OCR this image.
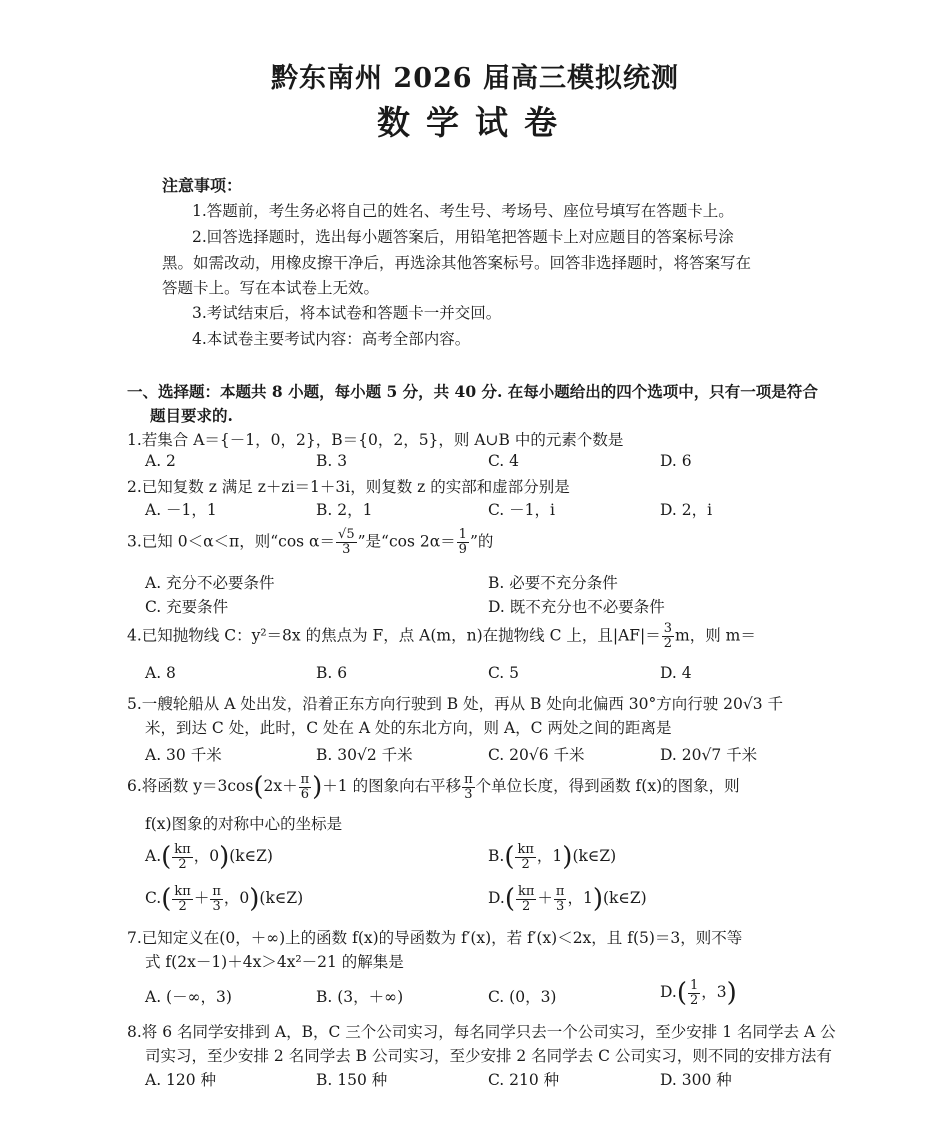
黔东南州 2026 届高三模拟统测
数学试卷
注意事项：
1.答题前，考生务必将自己的姓名、考生号、考场号、座位号填写在答题卡上。
2.回答选择题时，选出每小题答案后，用铅笔把答题卡上对应题目的答案标号涂
黑。如需改动，用橡皮擦干净后，再选涂其他答案标号。回答非选择题时，将答案写在
答题卡上。写在本试卷上无效。
3.考试结束后，将本试卷和答题卡一并交回。
4.本试卷主要考试内容：高考全部内容。
一、选择题：本题共 8 小题，每小题 5 分，共 40 分. 在每小题给出的四个选项中，只有一项是符合
题目要求的.
1.若集合 A＝{－1，0，2}，B＝{0，2，5}，则 A∪B 中的元素个数是
A. 2	B. 3	C. 4	D. 6
2.已知复数 z 满足 z＋zi＝1＋3i，则复数 z 的实部和虚部分别是
A. －1，1	B. 2，1	C. －1，i	D. 2，i
3.已知 0＜α＜π，则“cos $\alpha= \frac{√5}{3}$ ”是“cos $2\alpha= \frac{1}{9}$ ”的
A. 充分不必要条件	B. 必要不充分条件
C. 充要条件	D. 既不充分也不必要条件
4.已知抛物线 C：y²＝8x 的焦点为 F，点 A(m，n)在抛物线 C 上，且$|AF|= \frac{3}{2}$ m，则 m＝
A. 8	B. 6	C. 5	D. 4
5.一艘轮船从 A 处出发，沿着正东方向行驶到 B 处，再从 B 处向北偏西 30°方向行驶 20√3 千
米，到达 C 处，此时，C 处在 A 处的东北方向，则 A，C 两处之间的距离是
A. 30 千米	B. 30√2 千米	C. 20√6 千米	D. 20√7 千米
6.将函数 $y=3\cos(2x+ \frac{\pi}{6} )+1$ 的图象向右平移 $\frac{\pi}{3}$ 个单位长度，得到函数 f(x)的图象，则
f(x)图象的对称中心的坐标是
$A.( \frac{k\pi}{2}$ ，0)(k∈Z)	$B.( \frac{k\pi}{2}$ ，1)(k∈Z)
$C.( \frac{k\pi}{2} + \frac{\pi}{3}$ ，0)(k∈Z)	$D.( \frac{k\pi}{2} + \frac{\pi}{3}$ ，1)(k∈Z)
7.已知定义在(0，＋∞)上的函数 f(x)的导函数为 f′(x)，若 f′(x)＜2x，且 f(5)＝3，则不等
式 f(2x－1)＋4x＞4x²－21 的解集是
A. (－∞，3)	B. (3，＋∞)	C. (0，3)	$D.( \frac{1}{2}$ ，3)
8.将 6 名同学安排到 A，B，C 三个公司实习，每名同学只去一个公司实习，至少安排 1 名同学去 A 公
司实习，至少安排 2 名同学去 B 公司实习，至少安排 2 名同学去 C 公司实习，则不同的安排方法有
A. 120 种	B. 150 种	C. 210 种	D. 300 种
